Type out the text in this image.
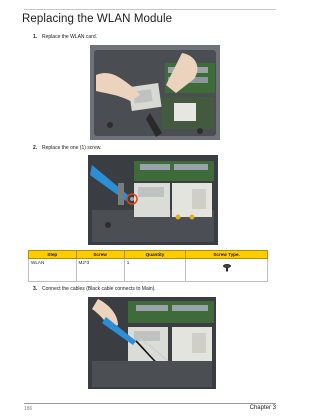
Replacing the WLAN Module
1. Replace the WLAN card.
2. Replace the one (1) screw.
Step	Screw	Quantity	Screw Type.
WLAN	M2*3	1	
3. Connect the cables (Black cable connects to Main).
186	Chapter 3
